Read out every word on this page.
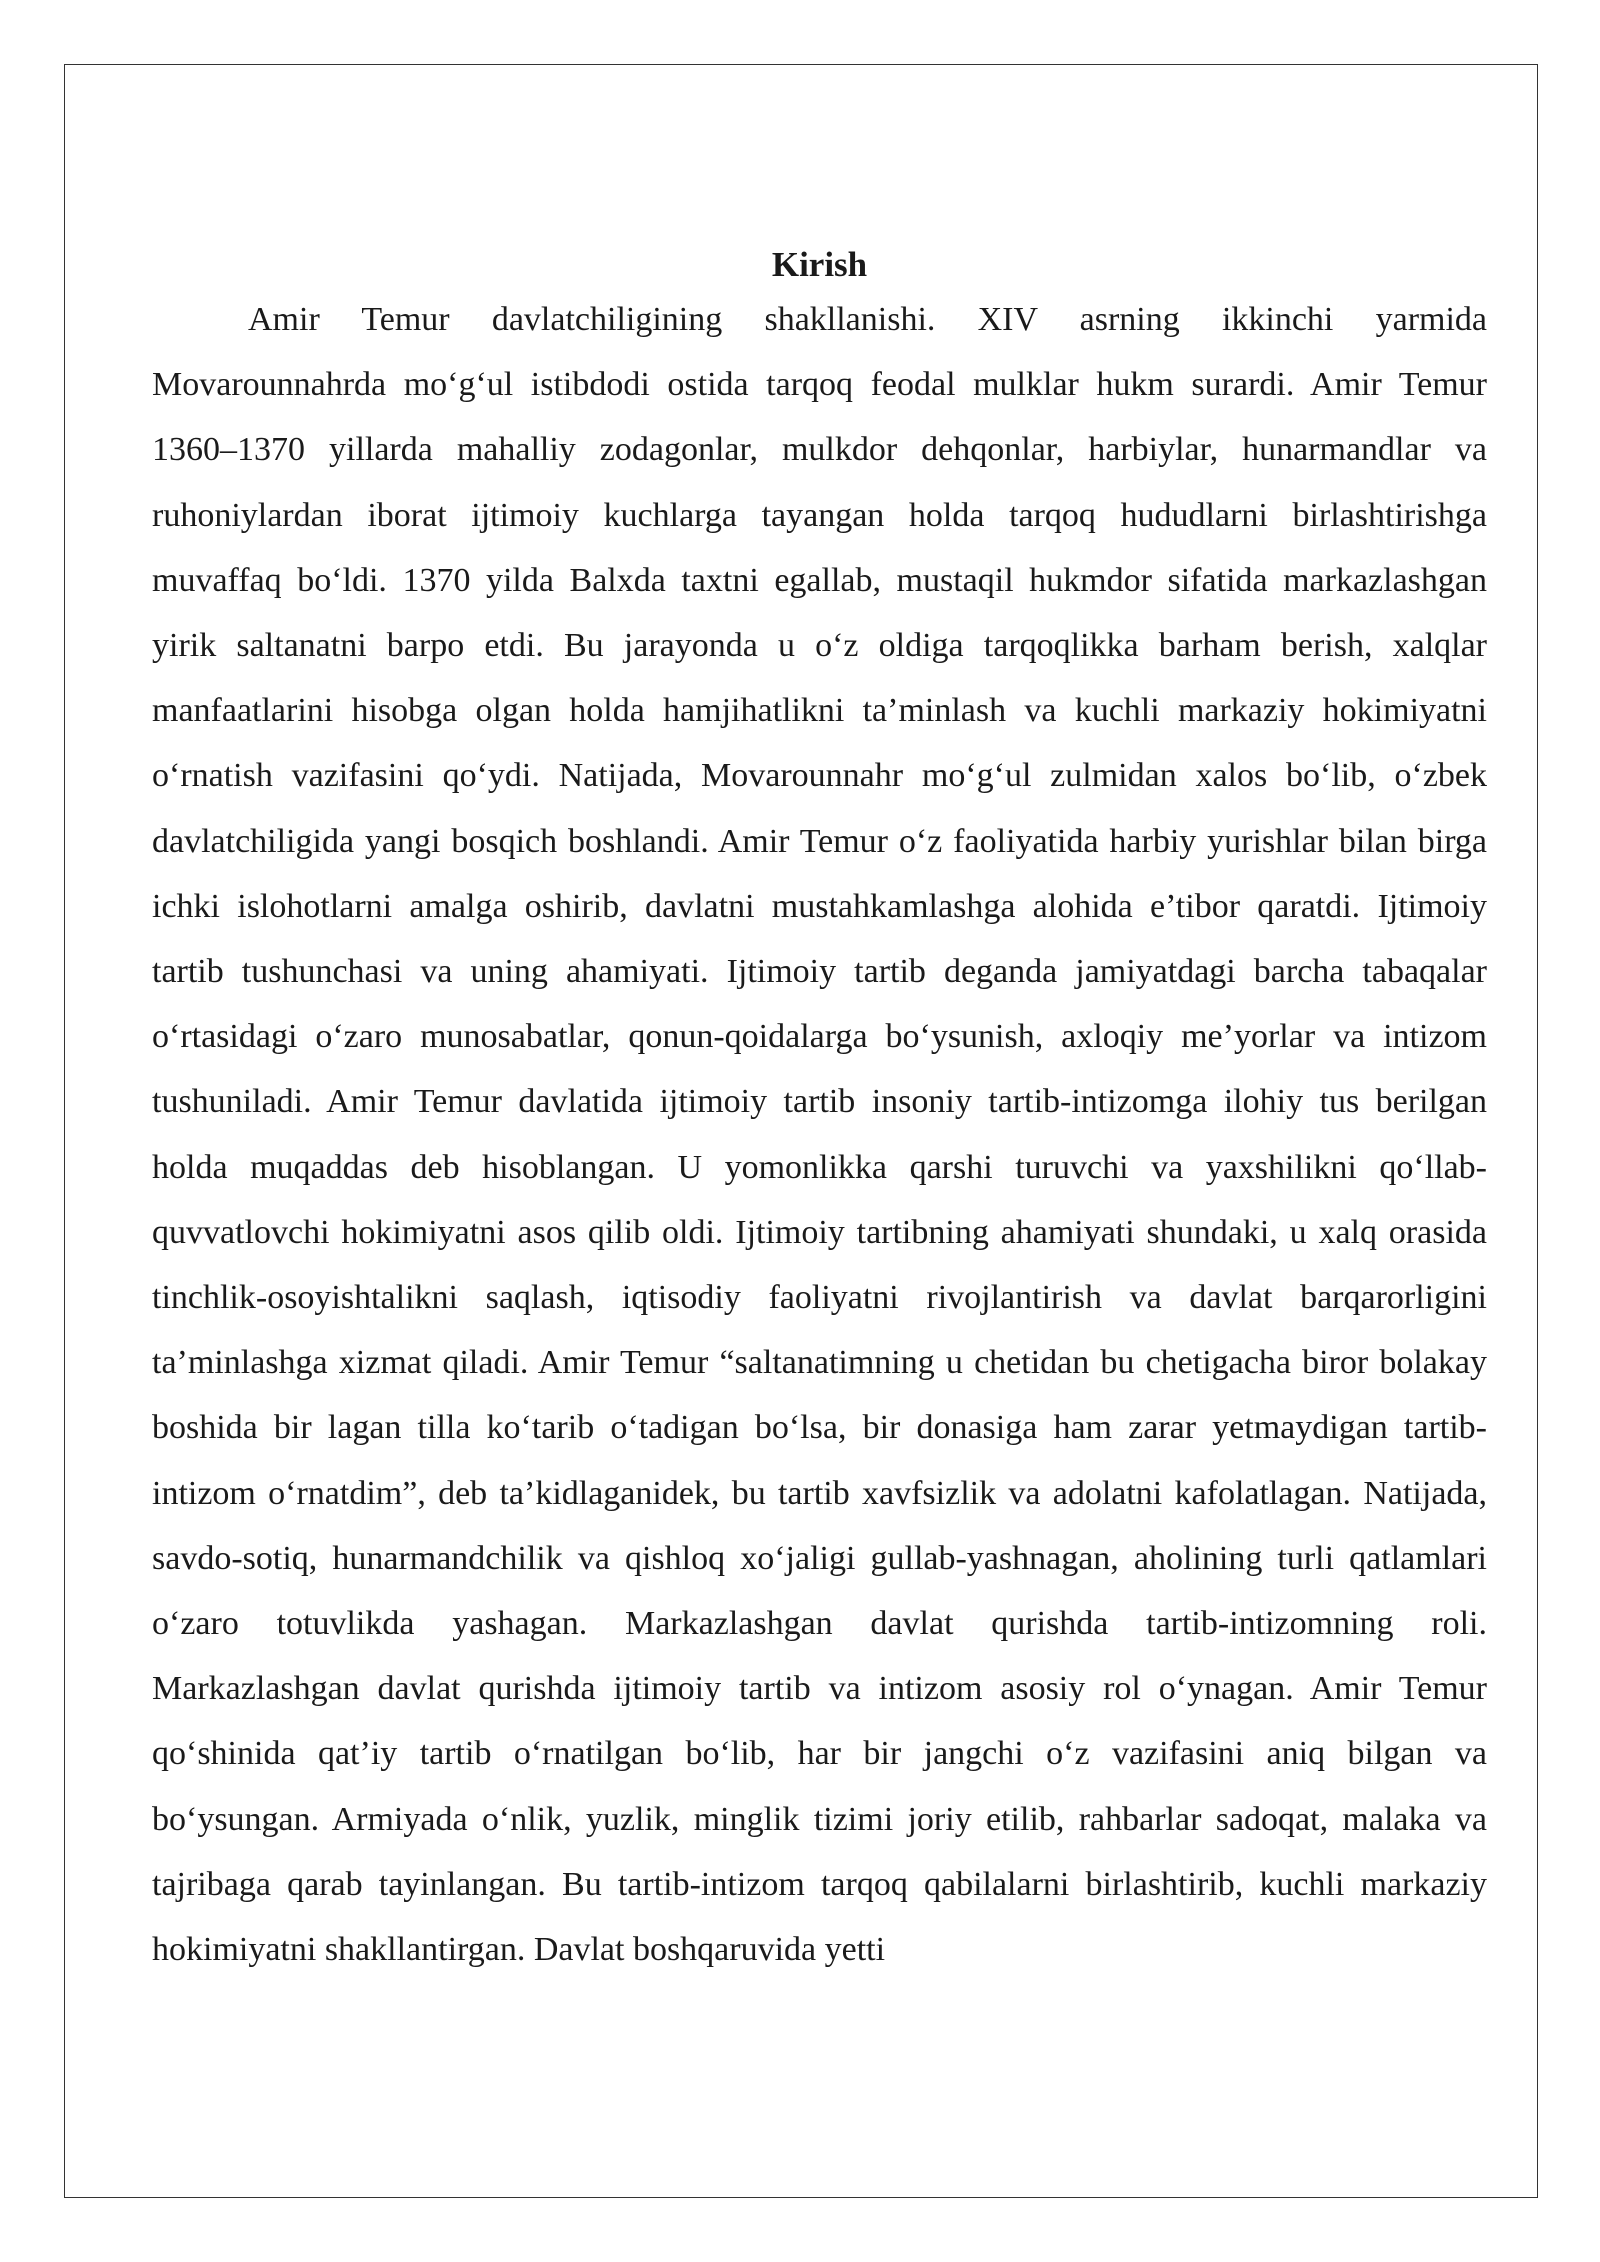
Kirish

Amir Temur davlatchiligining shakllanishi. XIV asrning ikkinchi yarmida Movarounnahrda mo‘g‘ul istibdodi ostida tarqoq feodal mulklar hukm surardi. Amir Temur 1360–1370 yillarda mahalliy zodagonlar, mulkdor dehqonlar, harbiylar, hunarmandlar va ruhoniylardan iborat ijtimoiy kuchlarga tayangan holda tarqoq hududlarni birlashtirishga muvaffaq bo‘ldi. 1370 yilda Balxda taxtni egallab, mustaqil hukmdor sifatida markazlashgan yirik saltanatni barpo etdi. Bu jarayonda u o‘z oldiga tarqoqlikka barham berish, xalqlar manfaatlarini hisobga olgan holda hamjihatlikni ta’minlash va kuchli markaziy hokimiyatni o‘rnatish vazifasini qo‘ydi. Natijada, Movarounnahr mo‘g‘ul zulmidan xalos bo‘lib, o‘zbek davlatchiligida yangi bosqich boshlandi. Amir Temur o‘z faoliyatida harbiy yurishlar bilan birga ichki islohotlarni amalga oshirib, davlatni mustahkamlashga alohida e’tibor qaratdi. Ijtimoiy tartib tushunchasi va uning ahamiyati. Ijtimoiy tartib deganda jamiyatdagi barcha tabaqalar o‘rtasidagi o‘zaro munosabatlar, qonun-qoidalarga bo‘ysunish, axloqiy me’yorlar va intizom tushuniladi. Amir Temur davlatida ijtimoiy tartib insoniy tartib-intizomga ilohiy tus berilgan holda muqaddas deb hisoblangan. U yomonlikka qarshi turuvchi va yaxshilikni qo‘llab-quvvatlovchi hokimiyatni asos qilib oldi. Ijtimoiy tartibning ahamiyati shundaki, u xalq orasida tinchlik-osoyishtalikni saqlash, iqtisodiy faoliyatni rivojlantirish va davlat barqarorligini ta’minlashga xizmat qiladi. Amir Temur “saltanatimning u chetidan bu chetigacha biror bolakay boshida bir lagan tilla ko‘tarib o‘tadigan bo‘lsa, bir donasiga ham zarar yetmaydigan tartib-intizom o‘rnatdim”, deb ta’kidlaganidek, bu tartib xavfsizlik va adolatni kafolatlagan. Natijada, savdo-sotiq, hunarmandchilik va qishloq xo‘jaligi gullab-yashnagan, aholining turli qatlamlari o‘zaro totuvlikda yashagan. Markazlashgan davlat qurishda tartib-intizomning roli. Markazlashgan davlat qurishda ijtimoiy tartib va intizom asosiy rol o‘ynagan. Amir Temur qo‘shinida qat’iy tartib o‘rnatilgan bo‘lib, har bir jangchi o‘z vazifasini aniq bilgan va bo‘ysungan. Armiyada o‘nlik, yuzlik, minglik tizimi joriy etilib, rahbarlar sadoqat, malaka va tajribaga qarab tayinlangan. Bu tartib-intizom tarqoq qabilalarni birlashtirib, kuchli markaziy hokimiyatni shakllantirgan. Davlat boshqaruvida yetti
